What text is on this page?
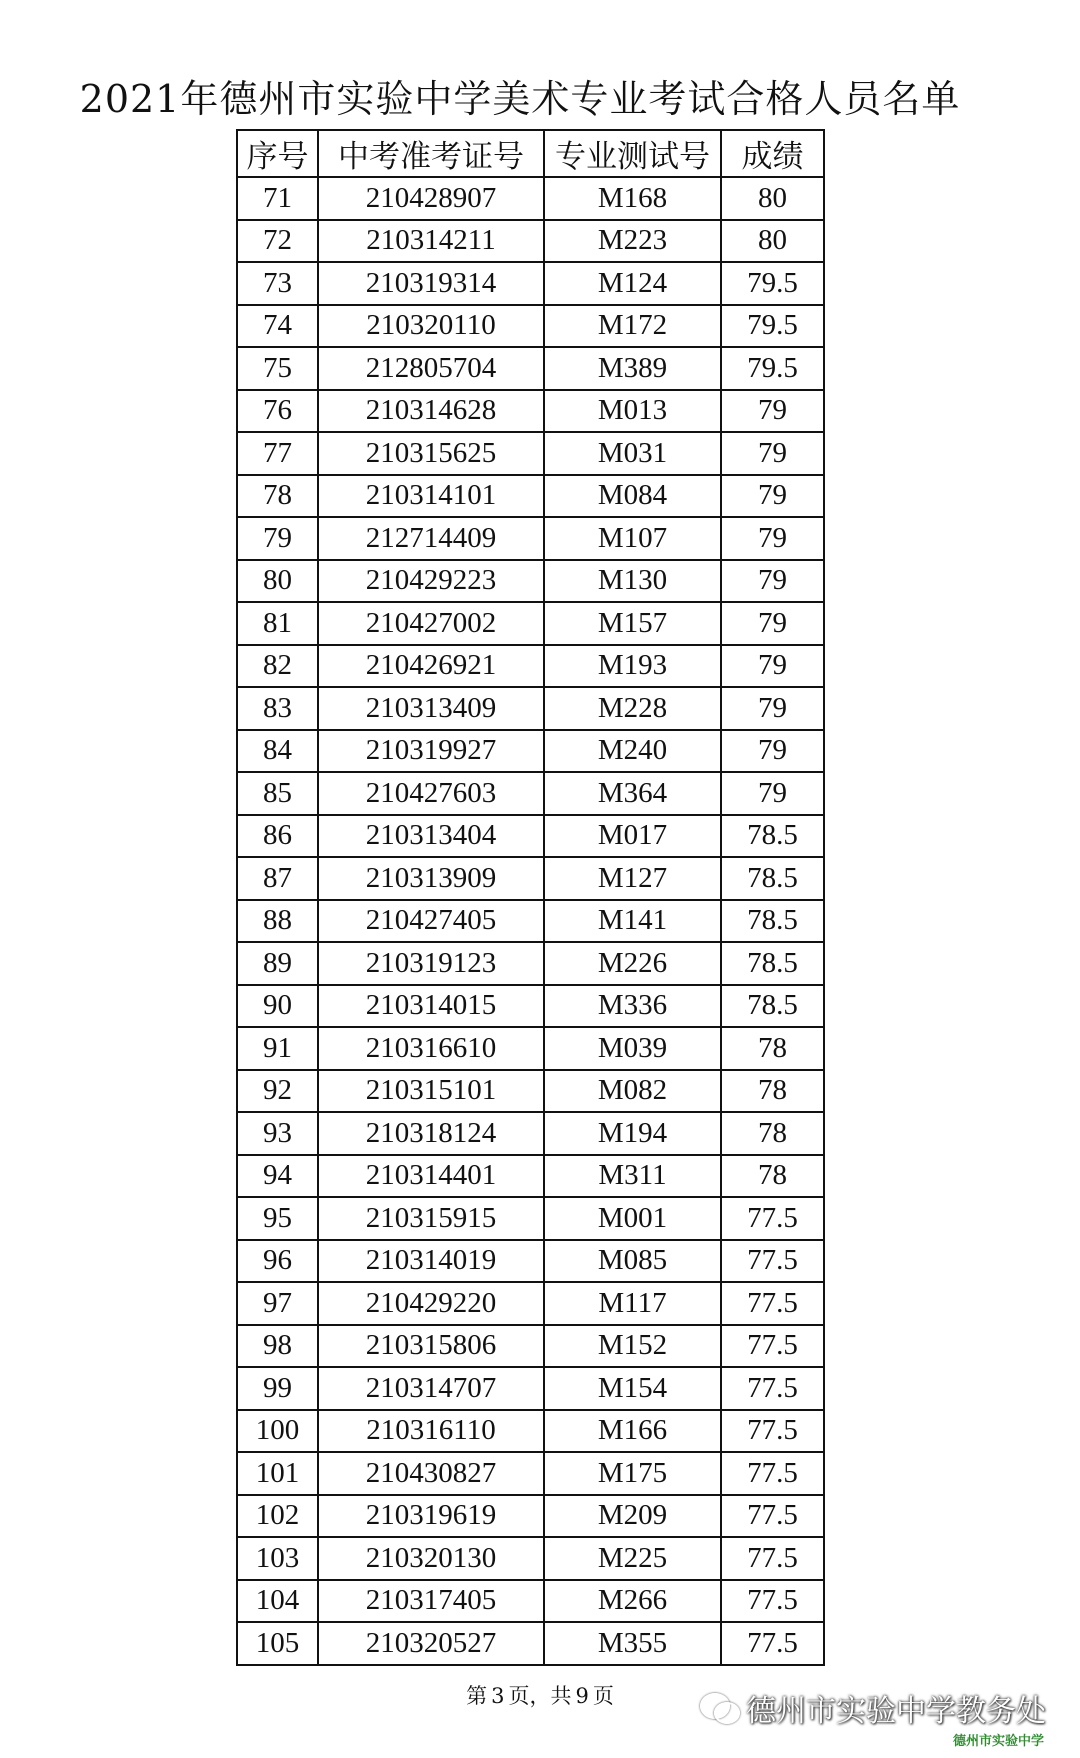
2021年德州市实验中学美术专业考试合格人员名单
序号	中考准考证号	专业测试号	成绩
71	210428907	M168	80
72	210314211	M223	80
73	210319314	M124	79.5
74	210320110	M172	79.5
75	212805704	M389	79.5
76	210314628	M013	79
77	210315625	M031	79
78	210314101	M084	79
79	212714409	M107	79
80	210429223	M130	79
81	210427002	M157	79
82	210426921	M193	79
83	210313409	M228	79
84	210319927	M240	79
85	210427603	M364	79
86	210313404	M017	78.5
87	210313909	M127	78.5
88	210427405	M141	78.5
89	210319123	M226	78.5
90	210314015	M336	78.5
91	210316610	M039	78
92	210315101	M082	78
93	210318124	M194	78
94	210314401	M311	78
95	210315915	M001	77.5
96	210314019	M085	77.5
97	210429220	M117	77.5
98	210315806	M152	77.5
99	210314707	M154	77.5
100	210316110	M166	77.5
101	210430827	M175	77.5
102	210319619	M209	77.5
103	210320130	M225	77.5
104	210317405	M266	77.5
105	210320527	M355	77.5
第 3 页，共 9 页	德州市实验中学教务处
德州市实验中学
